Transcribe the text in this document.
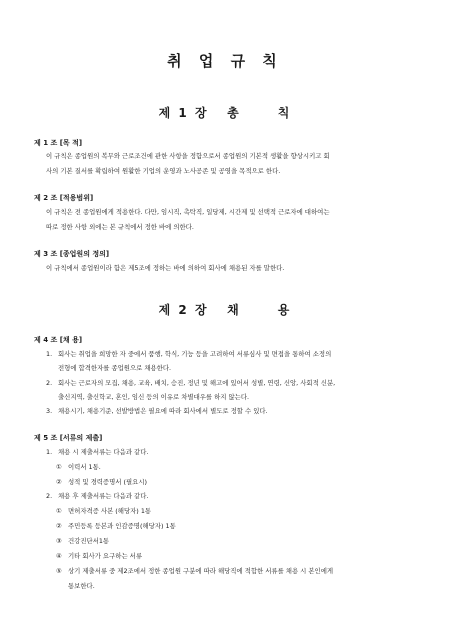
취 업 규 칙
제 1 장   총      칙
제 1 조 [목 적]
이 규칙은 종업원의 복무와 근로조건에 관한 사항을 정함으로서 종업원의 기본적 생활을 향상시키고 회
사의 기본 질서를 확립하여 원활한 기업의 운영과 노사공존 및 공영을 목적으로 한다.
제 2 조 [적용범위]
이 규칙은 전 종업원에게 적용한다. 다만, 임시직, 촉탁직, 일당제, 시간제 및 선택적 근로자에 대하여는
따로 정한 사항 외에는 본 규칙에서 정한 바에 의한다.
제 3 조 [종업원의 정의]
이 규칙에서 종업원이라 함은 제5조에 정하는 바에 의하여 회사에 채용된 자를 말한다.
제 2 장   채      용
제 4 조 [채 용]
1. 회사는 취업을 희망한 자 중에서 품행, 학식, 기능 등을 고려하여 서류심사 및 면접을 통하여 소정의
전형에 합격한자를 종업원으로 채용한다.
2. 회사는 근로자의 모집, 채용, 교육, 배치, 승진, 정년 및 해고에 있어서 성별, 연령, 신앙, 사회적 신분,
출신지역, 출신학교, 혼인, 임신 등의 이유로 차별대우를 하지 않는다.
3. 채용시기, 채용기준, 선발방법은 필요에 따라 회사에서 별도로 정할 수 있다.
제 5 조 [서류의 제출]
1. 채용 시 제출서류는 다음과 같다.
① 이력서 1통.
② 성적 및 경력증명서 (필요시)
2. 채용 후 제출서류는 다음과 같다.
① 면허자격증 사본 (해당자) 1통
② 주민등록 등본과 인감증명(해당자) 1통
③ 건강진단서1통
④ 기타 회사가 요구하는 서류
⑤ 상기 제출서류 중 제2조에서 정한 종업원 구분에 따라 해당직에 적합한 서류를 채용 시 본인에게
통보한다.
